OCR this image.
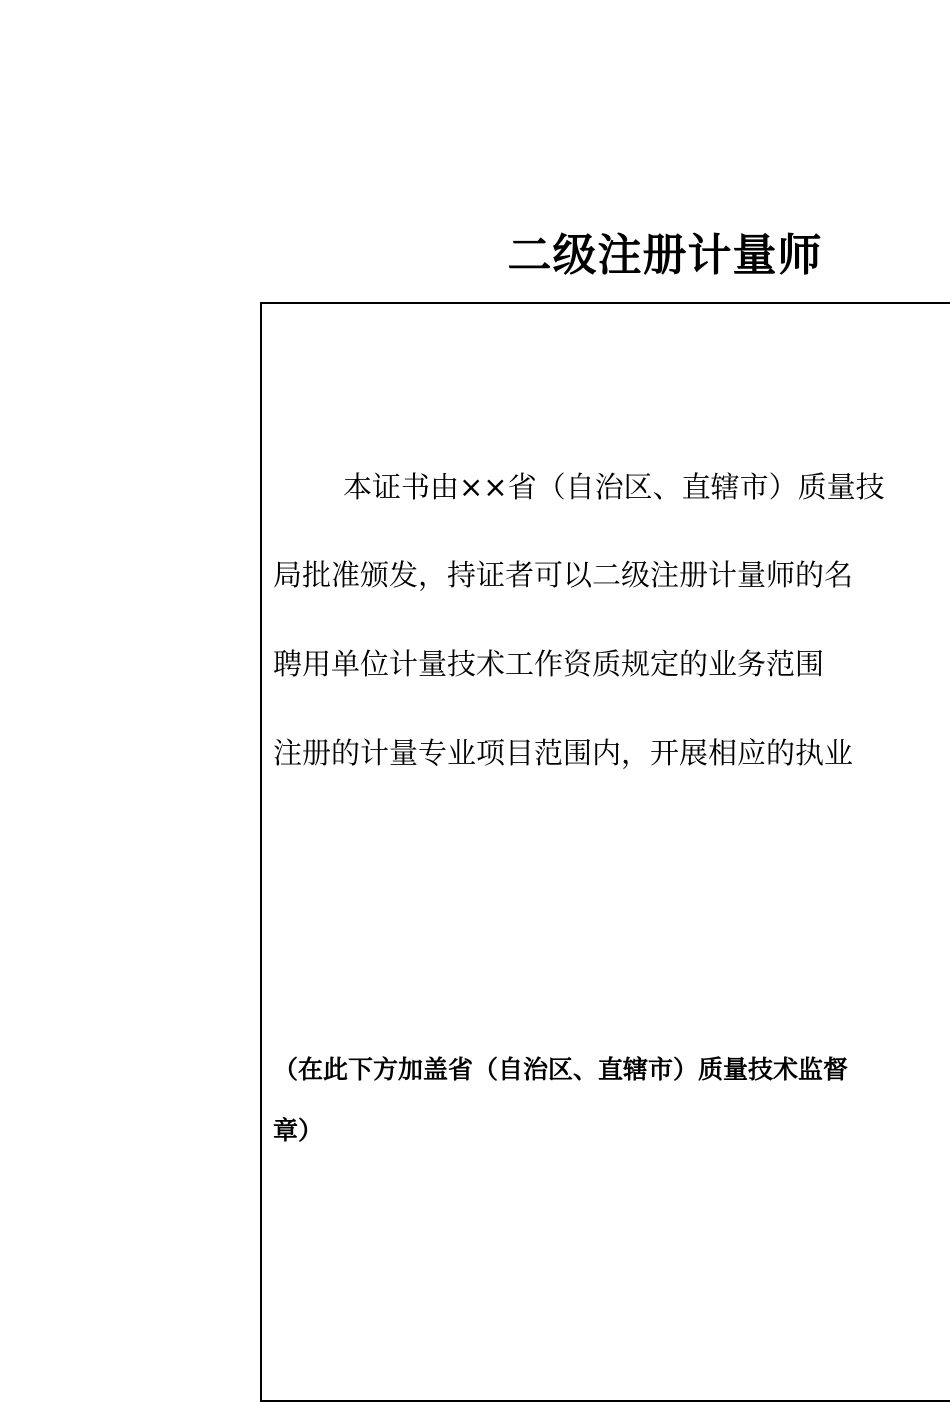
二级注册计量师
本证书由××省（自治区、直辖市）质量技
局批准颁发，持证者可以二级注册计量师的名
聘用单位计量技术工作资质规定的业务范围
注册的计量专业项目范围内，开展相应的执业
（在此下方加盖省（自治区、直辖市）质量技术监督
章）
